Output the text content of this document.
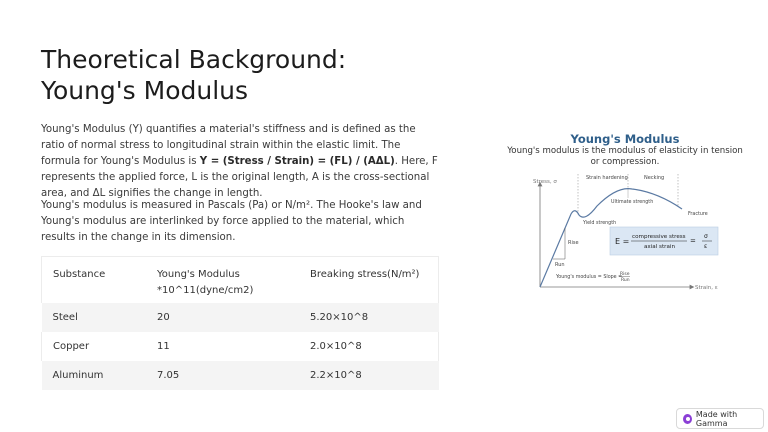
Theoretical Background:
Young's Modulus

Young's Modulus (Y) quantifies a material's stiffness and is defined as the ratio of normal stress to longitudinal strain within the elastic limit. The formula for Young's Modulus is Y = (Stress / Strain) = (FL) / (AΔL). Here, F represents the applied force, L is the original length, A is the cross-sectional area, and ΔL signifies the change in length.

Young's modulus is measured in Pascals (Pa) or N/m². The Hooke's law and Young's modulus are interlinked by force applied to the material, which results in the change in its dimension.

Substance	Young's Modulus *10^11(dyne/cm2)	Breaking stress(N/m²)
Steel	20	5.20×10^8
Copper	11	2.0×10^8
Aluminum	7.05	2.2×10^8
Young's Modulus
Young's modulus is the modulus of elasticity in tension or compression.
Stress, σ
Strain, ε
Strain hardening	Necking
Rise
Run
Ultimate strength
Yield strength
Fracture
E = compressive stress
axial strain
=
σ
ε
Young's modulus = Slope =
Rise
Run
Made with Gamma
